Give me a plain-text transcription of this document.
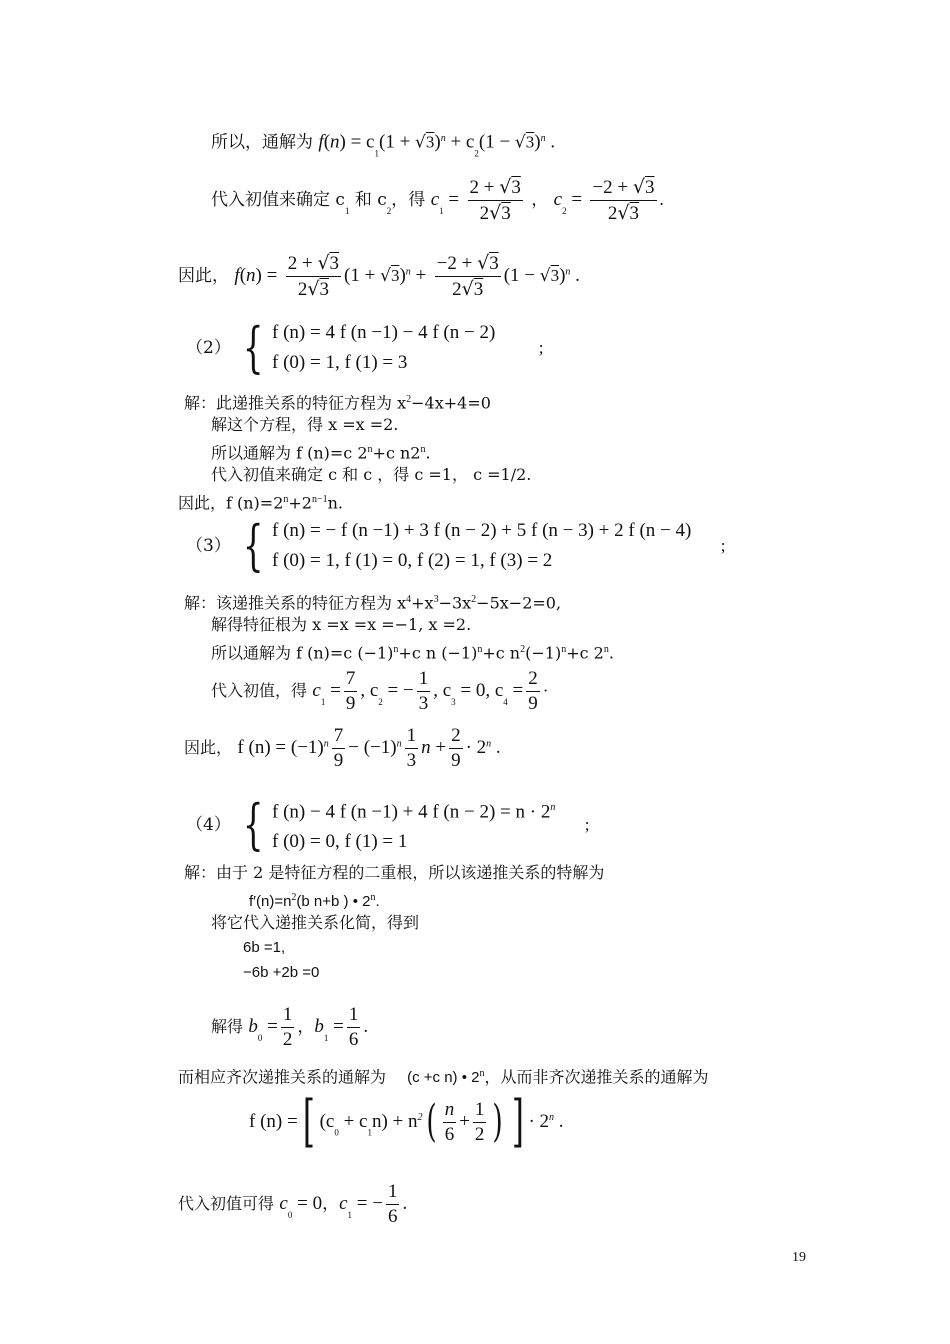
所以，通解为 $f(n) = c_1(1 + √3)^n + c_2(1 - √3)^n$ .
代入初值来确定 $c_1$ 和 $c_2$，得 $c_1 = \frac{2 + √3}{2√3}$ ， $c_2 = \frac{-2 + √3}{2√3}$ .
因此， $f(n) = \frac{2 + √3}{2√3} (1 + √3)^n + \frac{-2 + √3}{2√3} (1 - √3)^n$ .
（2） { f (n) = 4 f (n −1) − 4 f (n − 2)
f (0) = 1, f (1) = 3
;
解：此递推关系的特征方程为 $x^2-4x+4=0$
解这个方程，得 x =x =2.
所以通解为 f (n)=c $2^n+c$ n2$^n$.
代入初值来确定 c 和 c ，得 c =1， c =1/2.
因此，f $(n)=2^n+2^{n-1}n$.
（3） { f (n) = − f (n −1) + 3 f (n − 2) + 5 f (n − 3) + 2 f (n − 4)
f (0) = 1, f (1) = 0, f (2) = 1, f (3) = 2
;
解：该递推关系的特征方程为 $x^4+x^3-3x^2-5x-2=0$,
解得特征根为 x =x =x =−1, x =2.
所以通解为 f (n)=c $(-1)^n+c$ n $(-1)^n+c$ $n^2(-1)^n+c$ 2$^n$.
代入初值，得 $c_1 = \frac{7}{9}$ , $c_2$ = − $\frac{1}{3}$ , $c_3 = 0$, $c_4 = \frac{2}{9}$ ·
因此， f $(n) = (-1)^n \frac{7}{9} - (-1)^n \frac{1}{3}$ $n + \frac{2}{9} \cdot 2^n$ .
（4） { f (n) − 4 f (n −1) + 4 f $(n - 2) = n \cdot 2^n$
f (0) = 0, f (1) = 1
;
解：由于 2 是特征方程的二重根，所以该递推关系的特解为
$f'(n)=n^2(b$ n+b ) • 2$^n$.
将它代入递推关系化简，得到
6b =1,
−6b +2b =0
解得 $b_0 = \frac{1}{2}$ ，$b_1 = \frac{1}{6}$ .
而相应齐次递推关系的通解为 (c +c n) • 2$^n$，从而非齐次递推关系的通解为
f (n) =[ $(c_0 + c_1n) + n^2( \frac{n}{6} + \frac{1}{2}$ ) ] · $2^n$ .
代入初值可得 $c_0 = 0$，$c_1$ = − $\frac{1}{6}$ .
19
